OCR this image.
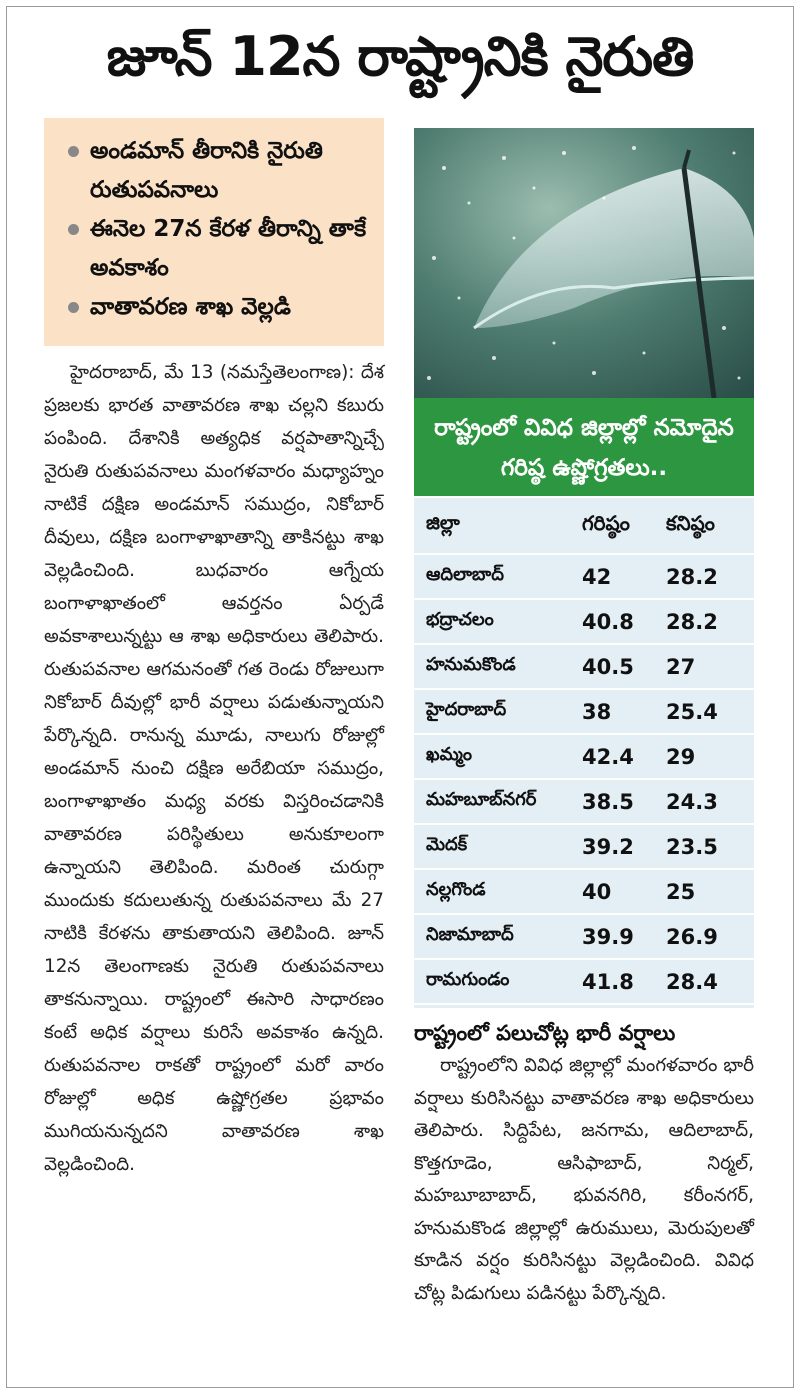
జూన్ 12న రాష్ట్రానికి నైరుతి
అండమాన్ తీరానికి నైరుతి రుతుపవనాలు
ఈనెల 27న కేరళ తీరాన్ని తాకే అవకాశం
వాతావరణ శాఖ వెల్లడి

హైదరాబాద్, మే 13 (నమస్తేతెలంగాణ): దేశ ప్రజలకు భారత వాతావరణ శాఖ చల్లని కబురు పంపింది. దేశానికి అత్యధిక వర్షపాతాన్నిచ్చే నైరుతి రుతుపవనాలు మంగళవారం మధ్యాహ్నం నాటికే దక్షిణ అండమాన్ సముద్రం, నికోబార్ దీవులు, దక్షిణ బంగాళాఖాతాన్ని తాకినట్టు శాఖ వెల్లడించింది. బుధవారం ఆగ్నేయ బంగాళాఖాతంలో ఆవర్తనం ఏర్పడే అవకాశాలున్నట్టు ఆ శాఖ అధికారులు తెలిపారు. రుతుపవనాల ఆగమనంతో గత రెండు రోజులుగా నికోబార్ దీవుల్లో భారీ వర్షాలు పడుతున్నాయని పేర్కొన్నది. రానున్న మూడు, నాలుగు రోజుల్లో అండమాన్ నుంచి దక్షిణ అరేబియా సముద్రం, బంగాళాఖాతం మధ్య వరకు విస్తరించడానికి వాతావరణ పరిస్థితులు అనుకూలంగా ఉన్నాయని తెలిపింది. మరింత చురుగ్గా ముందుకు కదులుతున్న రుతుపవనాలు మే 27 నాటికి కేరళను తాకుతాయని తెలిపింది. జూన్ 12న తెలంగాణకు నైరుతి రుతుపవనాలు తాకనున్నాయి. రాష్ట్రంలో ఈసారి సాధారణం కంటే అధిక వర్షాలు కురిసే అవకాశం ఉన్నది. రుతుపవనాల రాకతో రాష్ట్రంలో మరో వారం రోజుల్లో అధిక ఉష్ణోగ్రతల ప్రభావం ముగియనున్నదని వాతావరణ శాఖ వెల్లడించింది.

రాష్ట్రంలో వివిధ జిల్లాల్లో నమోదైన గరిష్ఠ ఉష్ణోగ్రతలు..
జిల్లా	గరిష్ఠం	కనిష్ఠం
ఆదిలాబాద్	42	28.2
భద్రాచలం	40.8	28.2
హనుమకొండ	40.5	27
హైదరాబాద్	38	25.4
ఖమ్మం	42.4	29
మహబూబ్‌నగర్	38.5	24.3
మెదక్	39.2	23.5
నల్లగొండ	40	25
నిజామాబాద్	39.9	26.9
రామగుండం	41.8	28.4
రాష్ట్రంలో పలుచోట్ల భారీ వర్షాలు

రాష్ట్రంలోని వివిధ జిల్లాల్లో మంగళవారం భారీ వర్షాలు కురిసినట్టు వాతావరణ శాఖ అధికారులు తెలిపారు. సిద్దిపేట, జనగామ, ఆదిలాబాద్, కొత్తగూడెం, ఆసిఫాబాద్, నిర్మల్, మహబూబాబాద్, భువనగిరి, కరీంనగర్, హనుమకొండ జిల్లాల్లో ఉరుములు, మెరుపులతో కూడిన వర్షం కురిసినట్టు వెల్లడించింది. వివిధ చోట్ల పిడుగులు పడినట్టు పేర్కొన్నది.
